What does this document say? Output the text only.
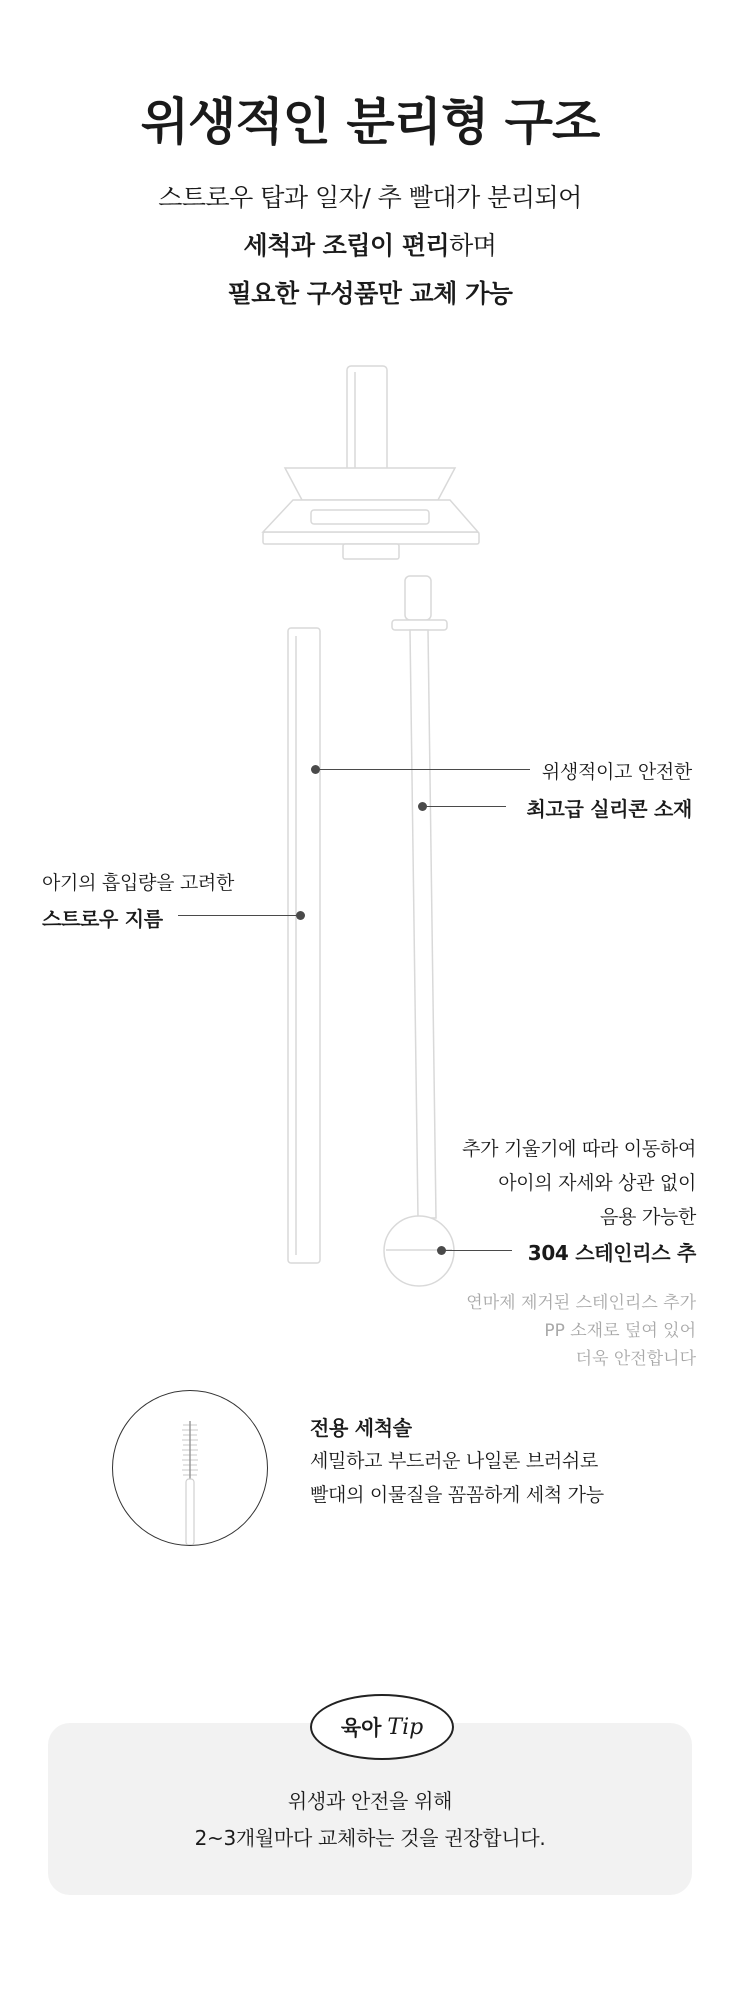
위생적인 분리형 구조
스트로우 탑과 일자/ 추 빨대가 분리되어
세척과 조립이 편리하며
필요한 구성품만 교체 가능
위생적이고 안전한
최고급 실리콘 소재
아기의 흡입량을 고려한
스트로우 지름
추가 기울기에 따라 이동하여
아이의 자세와 상관 없이
음용 가능한
304 스테인리스 추
연마제 제거된 스테인리스 추가
PP 소재로 덮여 있어
더욱 안전합니다
전용 세척솔
세밀하고 부드러운 나일론 브러쉬로
빨대의 이물질을 꼼꼼하게 세척 가능
육아 Tip
위생과 안전을 위해
2~3개월마다 교체하는 것을 권장합니다.
